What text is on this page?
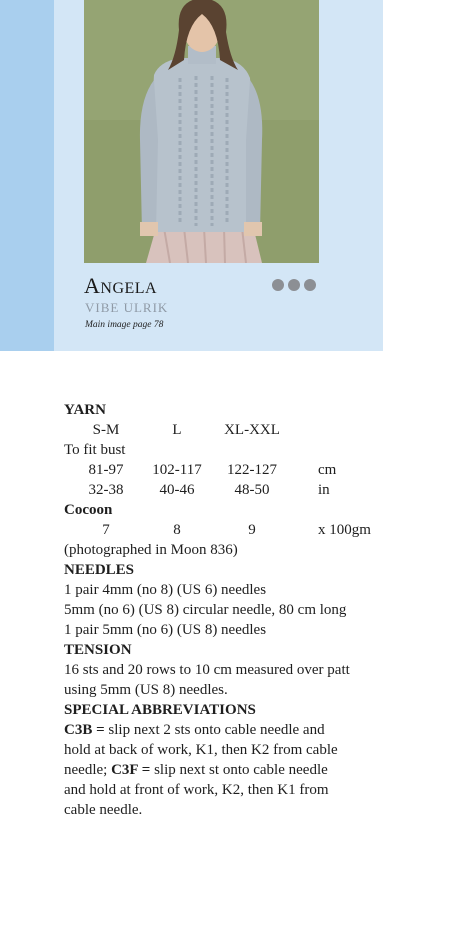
ANGELA
VIBE ULRIK
Main image page 78

YARN

S-M	L	XL-XXL

To fit bust

81-97	102-117	122-127	cm
32-38	40-46	48-50	in

Cocoon

7	8	9	x 100gm

(photographed in Moon 836)

NEEDLES

1 pair 4mm (no 8) (US 6) needles

5mm (no 6) (US 8) circular needle, 80 cm long

1 pair 5mm (no 6) (US 8) needles

TENSION

16 sts and 20 rows to 10 cm measured over patt

using 5mm (US 8) needles.

SPECIAL ABBREVIATIONS

C3B = slip next 2 sts onto cable needle and

hold at back of work, K1, then K2 from cable

needle; C3F = slip next st onto cable needle

and hold at front of work, K2, then K1 from

cable needle.
